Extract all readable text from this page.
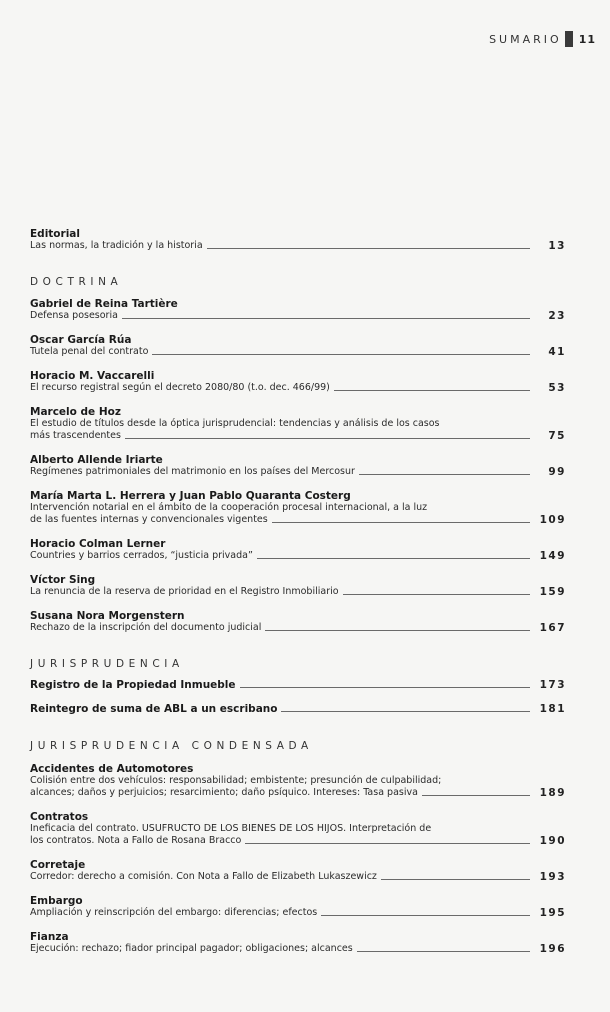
SUMARIO 11
Editorial
Las normas, la tradición y la historia	13
DOCTRINA
Gabriel de Reina Tartière
Defensa posesoria	23
Oscar García Rúa
Tutela penal del contrato	41
Horacio M. Vaccarelli
El recurso registral según el decreto 2080/80 (t.o. dec. 466/99)	53
Marcelo de Hoz
El estudio de títulos desde la óptica jurisprudencial: tendencias y análisis de los casos
más trascendentes	75
Alberto Allende Iriarte
Regímenes patrimoniales del matrimonio en los países del Mercosur	99
María Marta L. Herrera y Juan Pablo Quaranta Costerg
Intervención notarial en el ámbito de la cooperación procesal internacional, a la luz
de las fuentes internas y convencionales vigentes	109
Horacio Colman Lerner
Countries y barrios cerrados, “justicia privada”	149
Víctor Sing
La renuncia de la reserva de prioridad en el Registro Inmobiliario	159
Susana Nora Morgenstern
Rechazo de la inscripción del documento judicial	167
JURISPRUDENCIA
Registro de la Propiedad Inmueble	173
Reintegro de suma de ABL a un escribano	181
JURISPRUDENCIA CONDENSADA
Accidentes de Automotores
Colisión entre dos vehículos: responsabilidad; embistente; presunción de culpabilidad;
alcances; daños y perjuicios; resarcimiento; daño psíquico. Intereses: Tasa pasiva	189
Contratos
Ineficacia del contrato. USUFRUCTO DE LOS BIENES DE LOS HIJOS. Interpretación de
los contratos. Nota a Fallo de Rosana Bracco	190
Corretaje
Corredor: derecho a comisión. Con Nota a Fallo de Elizabeth Lukaszewicz	193
Embargo
Ampliación y reinscripción del embargo: diferencias; efectos	195
Fianza
Ejecución: rechazo; fiador principal pagador; obligaciones; alcances	196
